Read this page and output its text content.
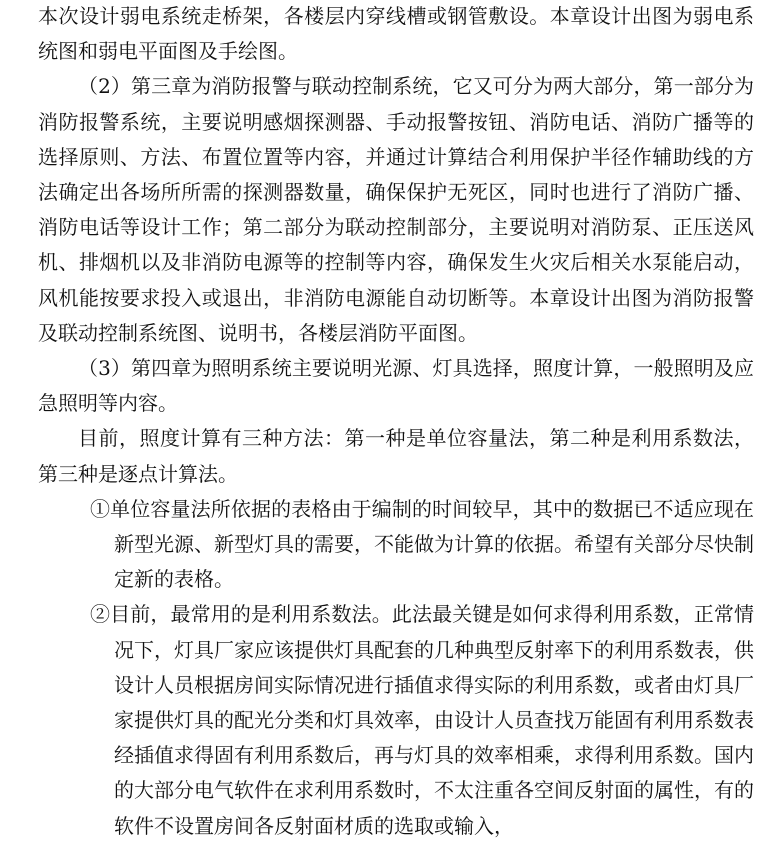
本次设计弱电系统走桥架，各楼层内穿线槽或钢管敷设。本章设计出图为弱电系统图和弱电平面图及手绘图。

（2）第三章为消防报警与联动控制系统，它又可分为两大部分，第一部分为消防报警系统，主要说明感烟探测器、手动报警按钮、消防电话、消防广播等的选择原则、方法、布置位置等内容，并通过计算结合利用保护半径作辅助线的方法确定出各场所所需的探测器数量，确保保护无死区，同时也进行了消防广播、消防电话等设计工作；第二部分为联动控制部分，主要说明对消防泵、正压送风机、排烟机以及非消防电源等的控制等内容，确保发生火灾后相关水泵能启动，风机能按要求投入或退出，非消防电源能自动切断等。本章设计出图为消防报警及联动控制系统图、说明书，各楼层消防平面图。

（3）第四章为照明系统主要说明光源、灯具选择，照度计算，一般照明及应急照明等内容。

目前，照度计算有三种方法：第一种是单位容量法，第二种是利用系数法，第三种是逐点计算法。

①单位容量法所依据的表格由于编制的时间较早，其中的数据已不适应现在新型光源、新型灯具的需要，不能做为计算的依据。希望有关部分尽快制定新的表格。

②目前，最常用的是利用系数法。此法最关键是如何求得利用系数，正常情况下，灯具厂家应该提供灯具配套的几种典型反射率下的利用系数表，供设计人员根据房间实际情况进行插值求得实际的利用系数，或者由灯具厂家提供灯具的配光分类和灯具效率，由设计人员查找万能固有利用系数表经插值求得固有利用系数后，再与灯具的效率相乘，求得利用系数。国内的大部分电气软件在求利用系数时，不太注重各空间反射面的属性，有的软件不设置房间各反射面材质的选取或输入，
